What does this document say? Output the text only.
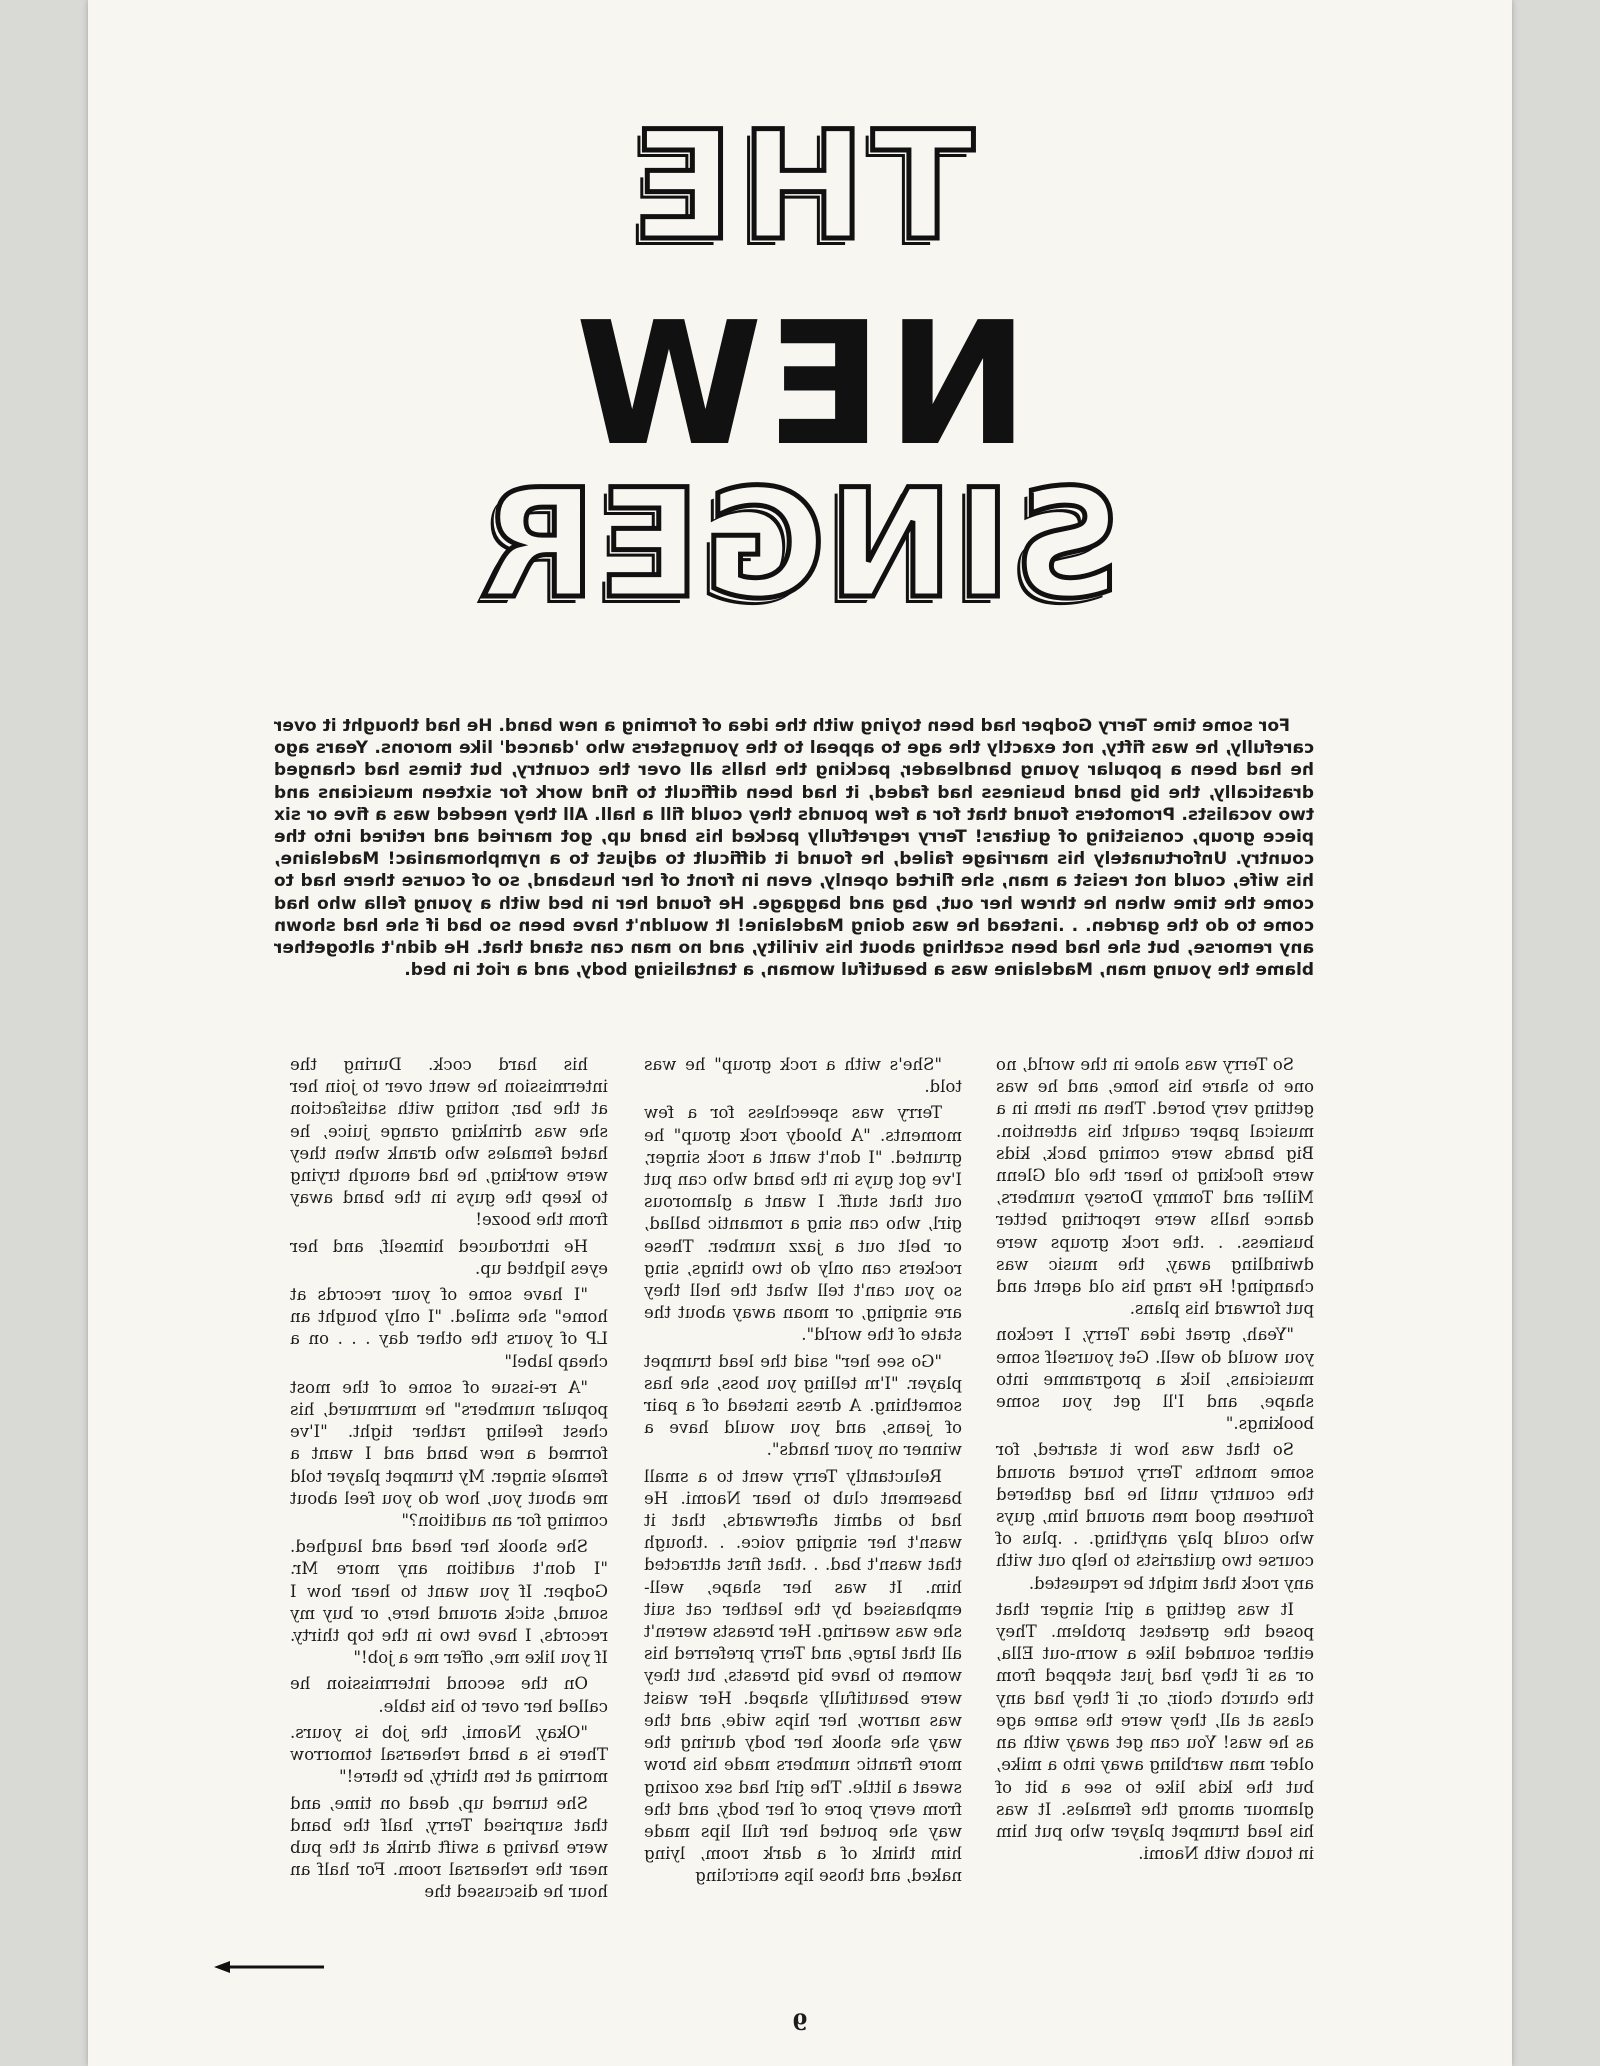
THE
NEW
SINGER

For some time Terry Godper had been toying with the idea of forming a new band. He had thought it over carefully, he was fifty, not exactly the age to appeal to the youngsters who 'danced' like morons. Years ago he had been a popular young bandleader, packing the halls all over the country, but times had changed drastically, the big band business had faded, it had been difficult to find work for sixteen musicians and two vocalists. Promoters found that for a few pounds they could fill a hall. All they needed was a five or six piece group, consisting of guitars! Terry regretfully packed his band up, got married and retired into the country. Unfortunately his marriage failed, he found it difficult to adjust to a nymphomaniac! Madelaine, his wife, could not resist a man, she flirted openly, even in front of her husband, so of course there had to come the time when he threw her out, bag and baggage. He found her in bed with a young fella who had come to do the garden. . .instead he was doing Madelaine! It wouldn't have been so bad if she had shown any remorse, but she had been scathing about his virility, and no man can stand that. He didn't altogether blame the young man, Madelaine was a beautiful woman, a tantalising body, and a riot in bed.

So Terry was alone in the world, no one to share his home, and he was getting very bored. Then an item in a musical paper caught his attention. Big bands were coming back, kids were flocking to hear the old Glenn Miller and Tommy Dorsey numbers, dance halls were reporting better business. . .the rock groups were dwindling away, the music was changing! He rang his old agent and put forward his plans.

"Yeah, great idea Terry, I reckon you would do well. Get yourself some musicians, lick a programme into shape, and I'll get you some bookings."

So that was how it started, for some months Terry toured around the country until he had gathered fourteen good men around him, guys who could play anything. . .plus of course two guitarists to help out with any rock that might be requested.

It was getting a girl singer that posed the greatest problem. They either sounded like a worn-out Ella, or as if they had just stepped from the church choir, or, if they had any class at all, they were the same age as he was! You can get away with an older man warbling away into a mike, but the kids like to see a bit of glamour among the females. It was his lead trumpet player who put him in touch with Naomi.

"She's with a rock group" he was told.

Terry was speechless for a few moments. "A bloody rock group" he grunted. "I don't want a rock singer, I've got guys in the band who can put out that stuff. I want a glamorous girl, who can sing a romantic ballad, or belt out a jazz number. These rockers can only do two things, sing so you can't tell what the hell they are singing, or moan away about the state of the world".

"Go see her" said the lead trumpet player. "I'm telling you boss, she has something. A dress instead of a pair of jeans, and you would have a winner on your hands".

Reluctantly Terry went to a small basement club to hear Naomi. He had to admit afterwards, that it wasn't her singing voice. . .though that wasn't bad. . .that first attracted him. It was her shape, well-emphasised by the leather cat suit she was wearing. Her breasts weren't all that large, and Terry preferred his women to have big breasts, but they were beautifully shaped. Her waist was narrow, her hips wide, and the way she shook her body during the more frantic numbers made his brow sweat a little. The girl had sex oozing from every pore of her body, and the way she pouted her full lips made him think of a dark room, lying naked, and those lips encircling

his hard cock. During the intermission he went over to join her at the bar, noting with satisfaction she was drinking orange juice, he hated females who drank when they were working, he had enough trying to keep the guys in the band away from the booze!

He introduced himself, and her eyes lighted up.

"I have some of your records at home" she smiled. "I only bought an LP of yours the other day . . . on a cheap label"

"A re-issue of some of the most popular numbers" he murmured, his chest feeling rather tight. "I've formed a new band and I want a female singer. My trumpet player told me about you, how do you feel about coming for an audition?"

She shook her head and laughed. "I don't audition any more Mr. Godper. If you want to hear how I sound, stick around here, or buy my records, I have two in the top thirty. If you like me, offer me a job!"

On the second intermission he called her over to his table.

"Okay, Naomi, the job is yours. There is a band rehearsal tomorrow morning at ten thirty, be there!"

She turned up, dead on time, and that surprised Terry, half the band were having a swift drink at the pub near the rehearsal room. For half an hour he discussed the

9
